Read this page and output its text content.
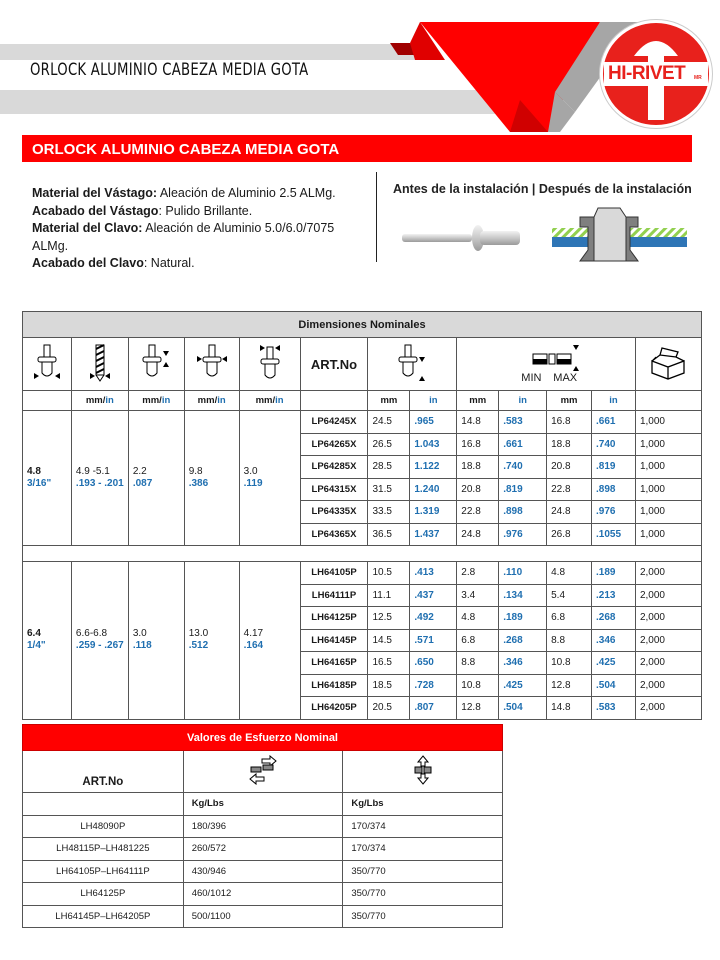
ORLOCK ALUMINIO CABEZA MEDIA GOTA	HI-RIVET MR
ORLOCK ALUMINIO CABEZA MEDIA GOTA
Material del Vástago: Aleación de Aluminio 2.5 ALMg.
Acabado del Vástago: Pulido Brillante.
Material del Clavo: Aleación de Aluminio 5.0/6.0/7075 ALMg.
Acabado del Clavo: Natural.
Antes de la instalación | Después de la instalación
Dimensiones Nominales												
					ART.No			MIN MAX

	mm/in	mm/in	mm/in	mm/in		mm	in	mm	in	mm	in	
4.8
3/16"	4.9 -5.1
.193 - .201	2.2
.087	9.8
.386	3.0
.119	LP64245X	24.5	.965	14.8	.583	16.8	.661	1,000
					LP64265X	26.5	1.043	16.8	.661	18.8	.740	1,000
					LP64285X	28.5	1.122	18.8	.740	20.8	.819	1,000
					LP64315X	31.5	1.240	20.8	.819	22.8	.898	1,000
					LP64335X	33.5	1.319	22.8	.898	24.8	.976	1,000
					LP64365X	36.5	1.437	24.8	.976	26.8	.1055	1,000

6.4
1/4"	6.6-6.8
.259 - .267	3.0
.118	13.0
.512	4.17
.164	LH64105P	10.5	.413	2.8	.110	4.8	.189	2,000
					LH64111P	11.1	.437	3.4	.134	5.4	.213	2,000
					LH64125P	12.5	.492	4.8	.189	6.8	.268	2,000
					LH64145P	14.5	.571	6.8	.268	8.8	.346	2,000
					LH64165P	16.5	.650	8.8	.346	10.8	.425	2,000
					LH64185P	18.5	.728	10.8	.425	12.8	.504	2,000
					LH64205P	20.5	.807	12.8	.504	14.8	.583	2,000
Valores de Esfuerzo Nominal		
ART.No		
	Kg/Lbs	Kg/Lbs
LH48090P	180/396	170/374
LH48115P–LH481225	260/572	170/374
LH64105P–LH64111P	430/946	350/770
LH64125P	460/1012	350/770
LH64145P–LH64205P	500/1100	350/770
